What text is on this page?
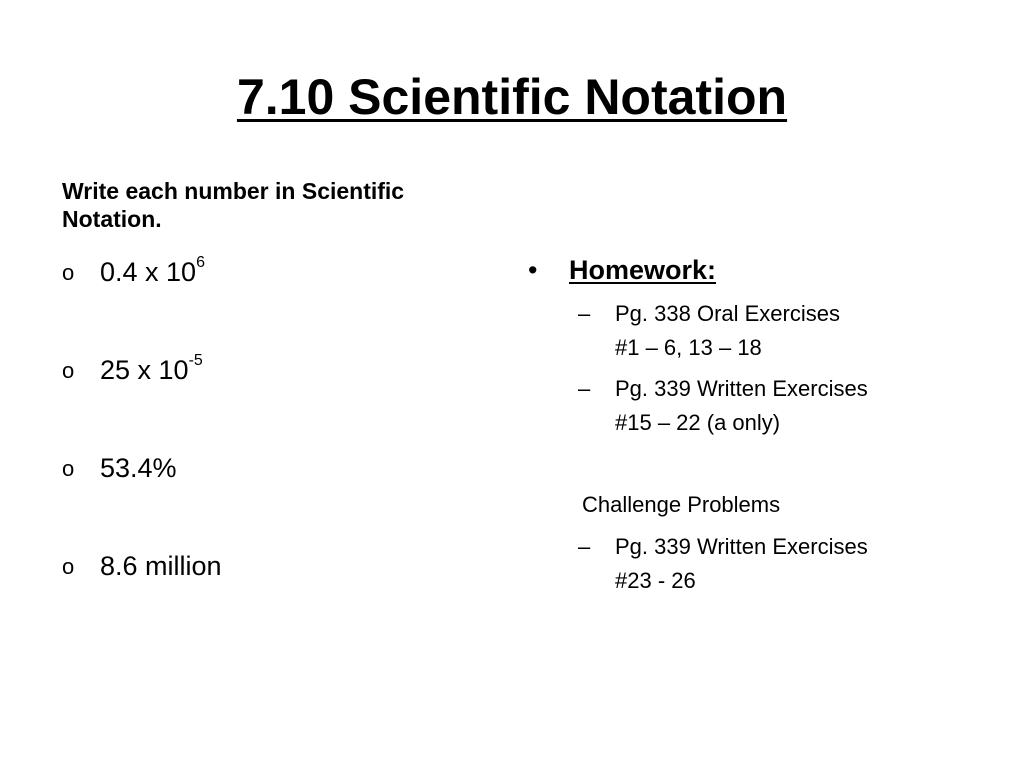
7.10 Scientific Notation
Write each number in Scientific Notation.
o 0.4 x $10^6$
o 25 x $10^{-5}$
o 53.4%
o 8.6 million
• Homework:
– Pg. 338 Oral Exercises
#1 – 6, 13 – 18
– Pg. 339 Written Exercises
#15 – 22 (a only)
Challenge Problems
– Pg. 339 Written Exercises
#23 - 26
